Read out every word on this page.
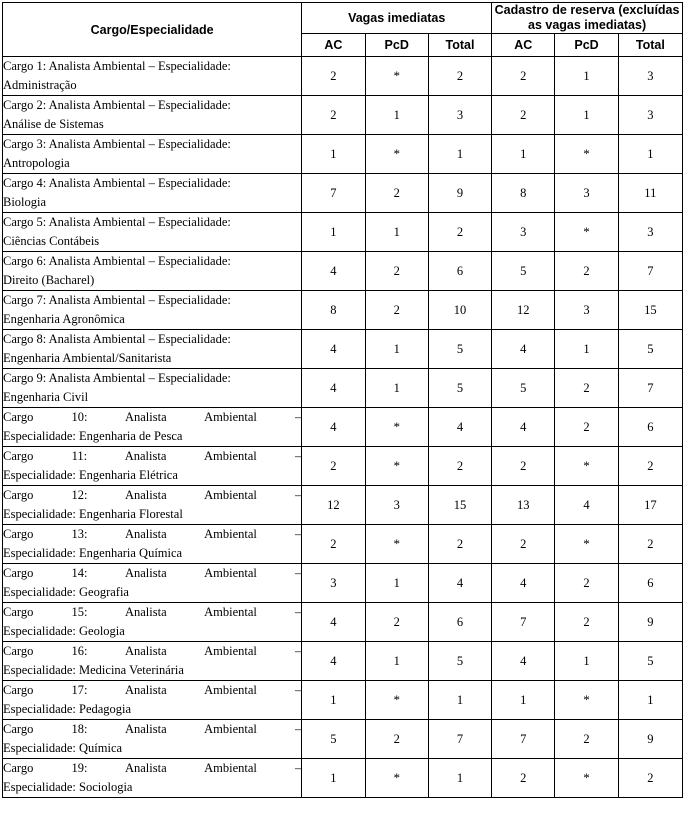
Cargo/Especialidade	Vagas imediatas			Cadastro de reserva (excluídas as vagas imediatas)		
	AC	PcD	Total	AC	PcD	Total

Cargo 1: Analista Ambiental – Especialidade:
Administração	2	*	2	2	1	3

Cargo 2: Analista Ambiental – Especialidade:
Análise de Sistemas	2	1	3	2	1	3

Cargo 3: Analista Ambiental – Especialidade:
Antropologia	1	*	1	1	*	1

Cargo 4: Analista Ambiental – Especialidade:
Biologia	7	2	9	8	3	11

Cargo 5: Analista Ambiental – Especialidade:
Ciências Contábeis	1	1	2	3	*	3

Cargo 6: Analista Ambiental – Especialidade:
Direito (Bacharel)	4	2	6	5	2	7

Cargo 7: Analista Ambiental – Especialidade:
Engenharia Agronômica	8	2	10	12	3	15

Cargo 8: Analista Ambiental – Especialidade:
Engenharia Ambiental/Sanitarista	4	1	5	4	1	5

Cargo 9: Analista Ambiental – Especialidade:
Engenharia Civil	4	1	5	5	2	7

Cargo 10: Analista Ambiental –
Especialidade: Engenharia de Pesca	4	*	4	4	2	6

Cargo 11: Analista Ambiental –
Especialidade: Engenharia Elétrica	2	*	2	2	*	2

Cargo 12: Analista Ambiental –
Especialidade: Engenharia Florestal	12	3	15	13	4	17

Cargo 13: Analista Ambiental –
Especialidade: Engenharia Química	2	*	2	2	*	2

Cargo 14: Analista Ambiental –
Especialidade: Geografia	3	1	4	4	2	6

Cargo 15: Analista Ambiental –
Especialidade: Geologia	4	2	6	7	2	9

Cargo 16: Analista Ambiental –
Especialidade: Medicina Veterinária	4	1	5	4	1	5

Cargo 17: Analista Ambiental –
Especialidade: Pedagogia	1	*	1	1	*	1

Cargo 18: Analista Ambiental –
Especialidade: Química	5	2	7	7	2	9

Cargo 19: Analista Ambiental –
Especialidade: Sociologia	1	*	1	2	*	2
